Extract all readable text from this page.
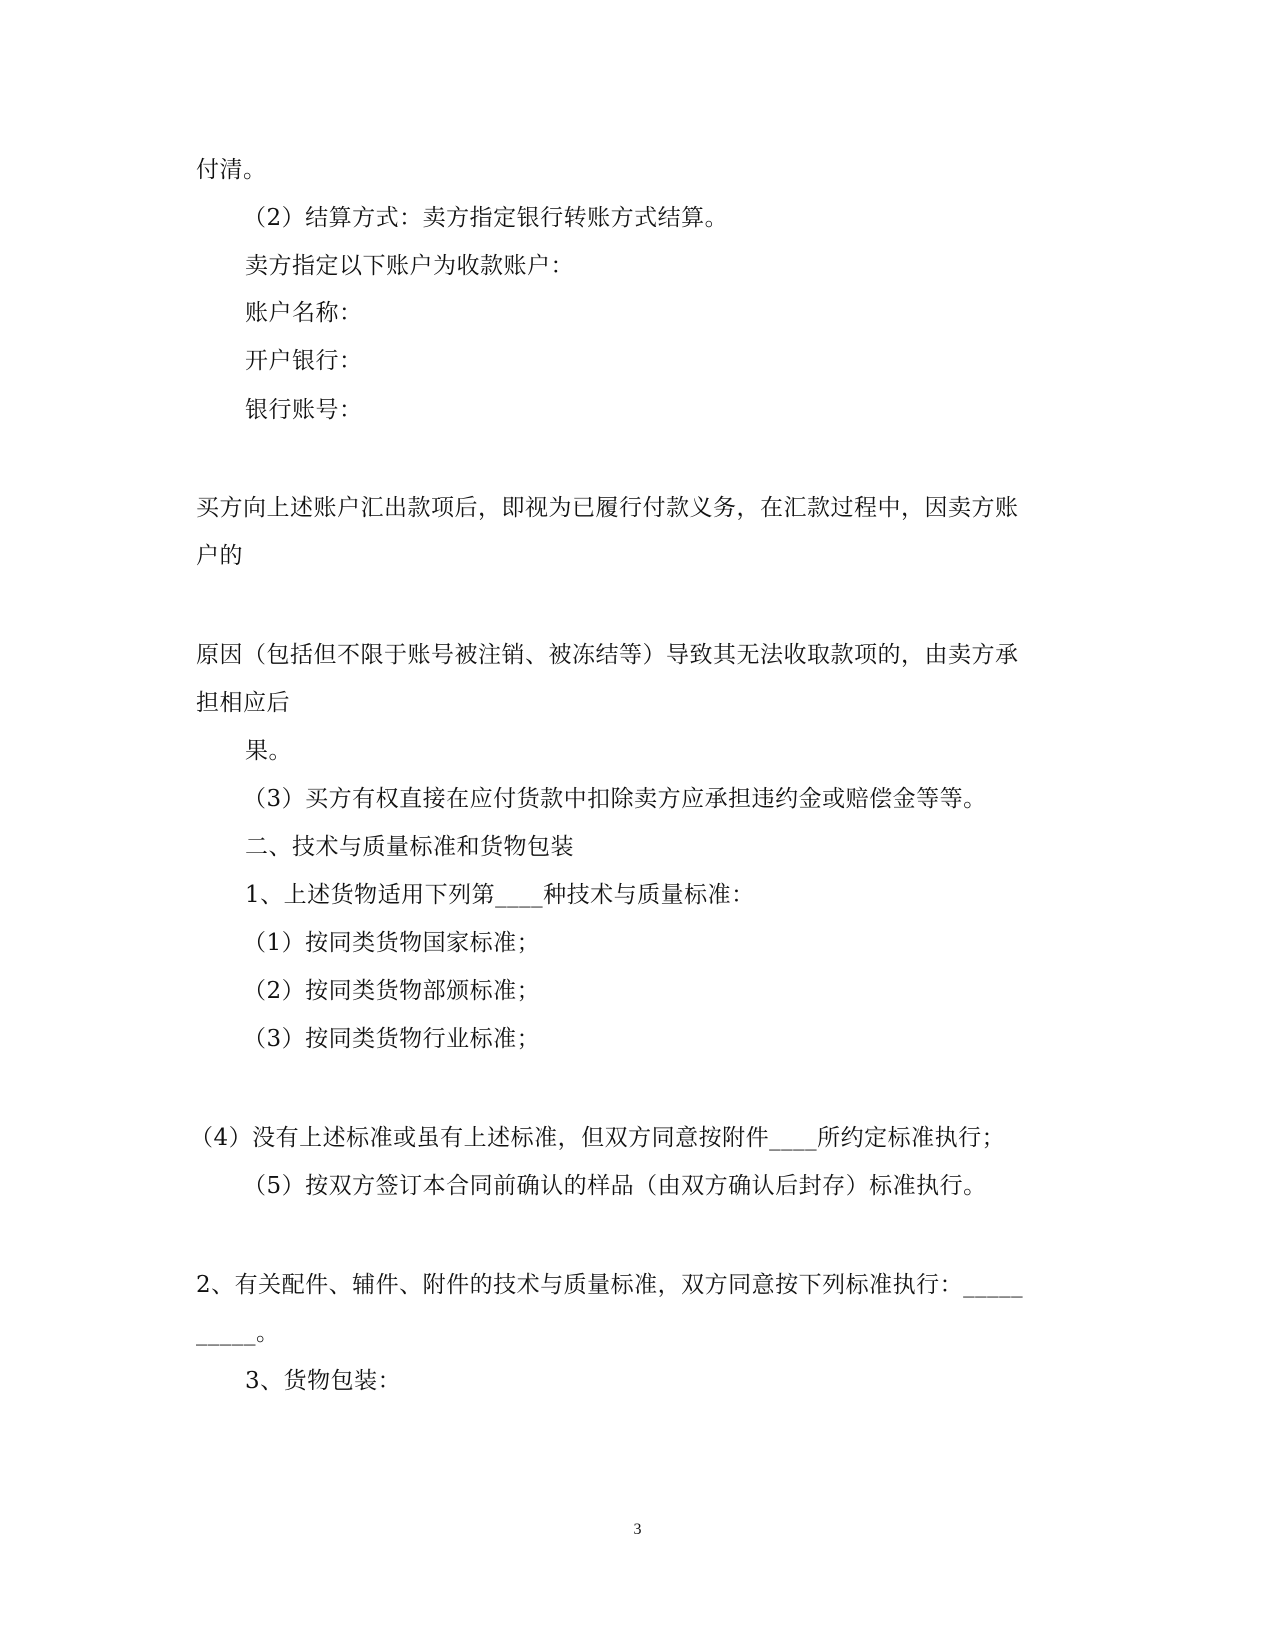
付清。
（2）结算方式：卖方指定银行转账方式结算。
卖方指定以下账户为收款账户：
账户名称：
开户银行：
银行账号：
买方向上述账户汇出款项后，即视为已履行付款义务，在汇款过程中，因卖方账
户的
原因（包括但不限于账号被注销、被冻结等）导致其无法收取款项的，由卖方承
担相应后
果。
（3）买方有权直接在应付货款中扣除卖方应承担违约金或赔偿金等等。
二、技术与质量标准和货物包装
1、上述货物适用下列第____种技术与质量标准：
（1）按同类货物国家标准；
（2）按同类货物部颁标准；
（3）按同类货物行业标准；
（4）没有上述标准或虽有上述标准，但双方同意按附件____所约定标准执行；
（5）按双方签订本合同前确认的样品（由双方确认后封存）标准执行。
2、有关配件、辅件、附件的技术与质量标准，双方同意按下列标准执行：_____
_____。
3、货物包装：
3
